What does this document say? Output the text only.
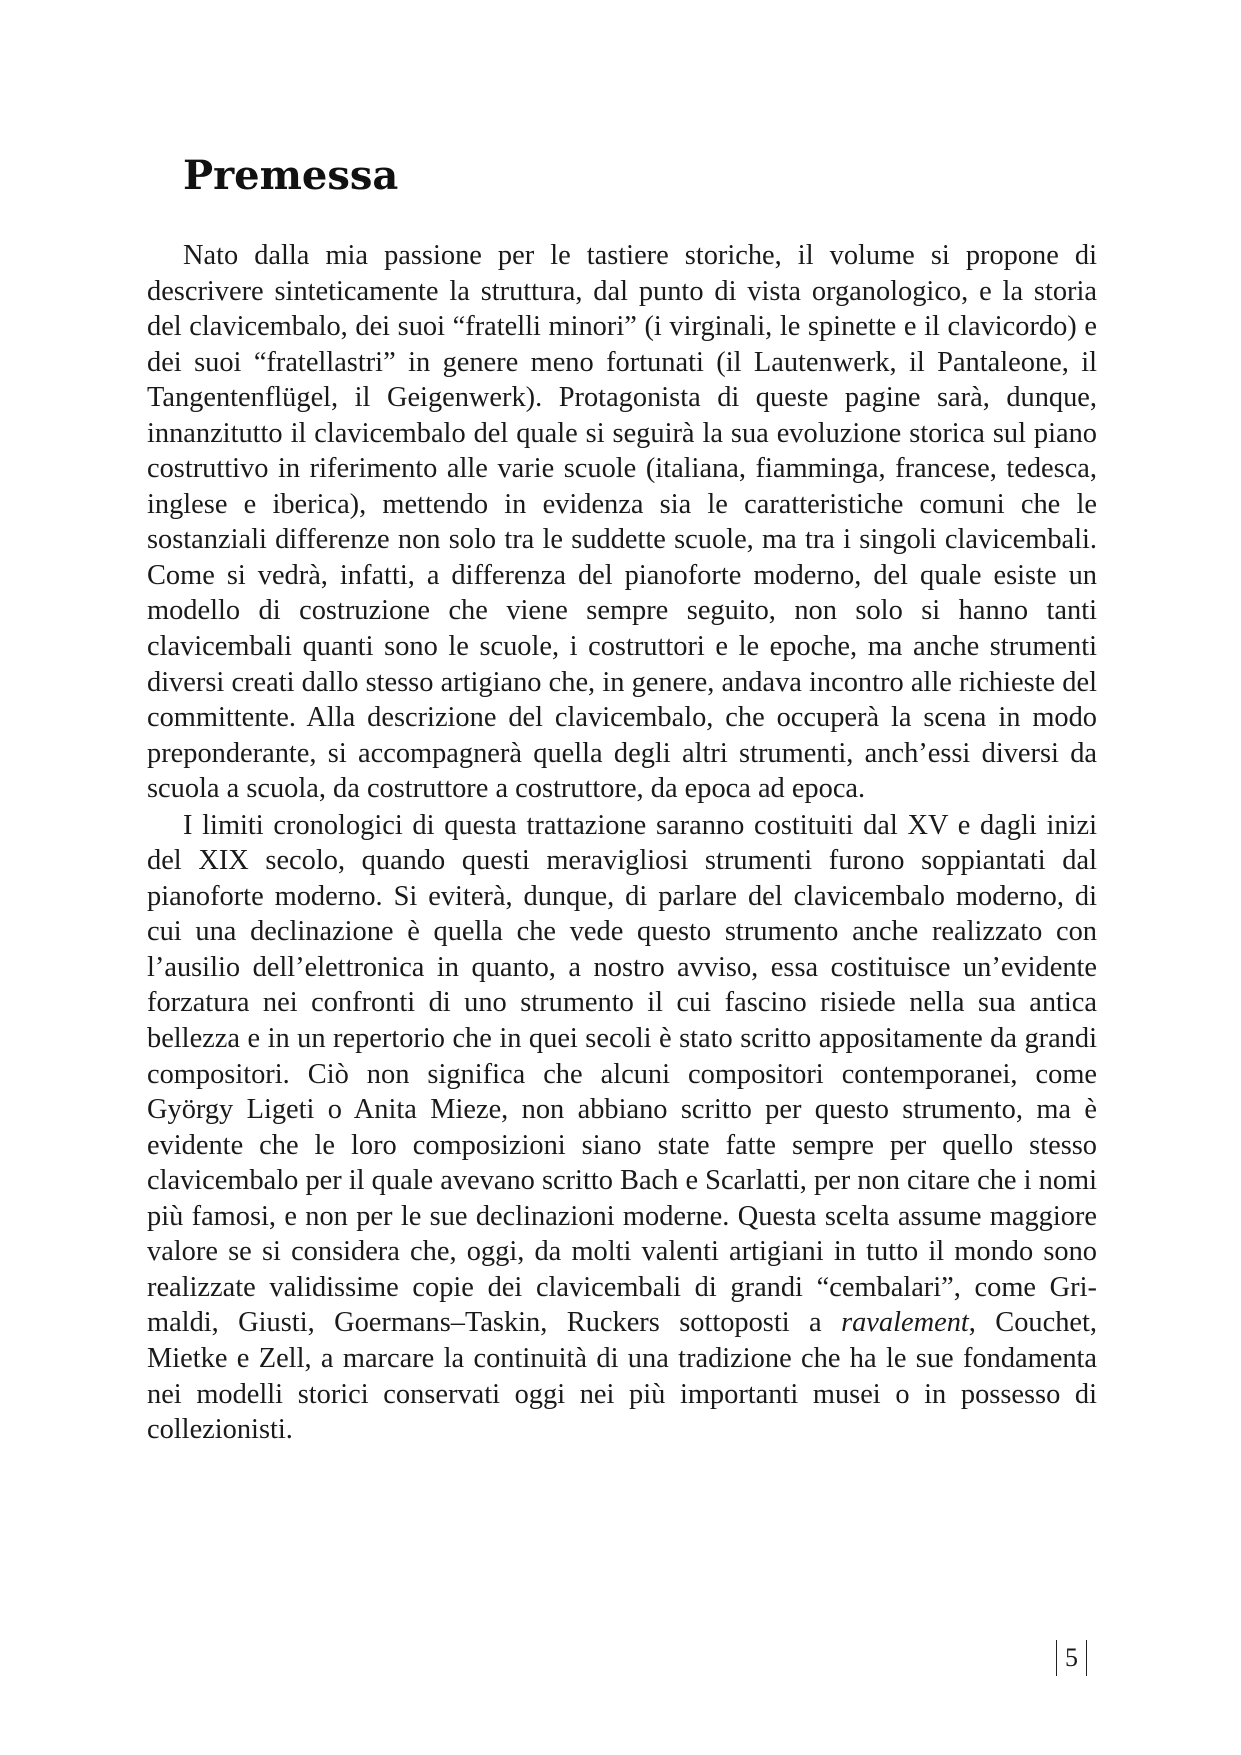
Premessa

Nato dalla mia passione per le tastiere storiche, il volume si propone di descrivere sinteticamente la struttura, dal punto di vista organologico, e la storia del clavicembalo, dei suoi “fratelli minori” (i virginali, le spinette e il clavicordo) e dei suoi “fratellastri” in genere meno fortunati (il Lautenwerk, il Pantaleone, il Tangentenflügel, il Geigenwerk). Protagonista di queste pagine sarà, dunque, innanzitutto il clavicembalo del quale si seguirà la sua evoluzione storica sul piano costruttivo in riferimento alle varie scuole (italiana, fiamminga, francese, tedesca, inglese e iberica), mettendo in evidenza sia le caratteristiche comuni che le sostanziali differenze non solo tra le suddette scuole, ma tra i singoli clavicembali. Come si vedrà, infatti, a differenza del pianoforte moderno, del quale esiste un modello di costruzione che viene sempre seguito, non solo si hanno tanti clavicembali quanti sono le scuole, i costruttori e le epoche, ma anche strumenti diversi creati dallo stesso artigiano che, in genere, andava incontro alle richieste del committente. Alla descrizione del clavicembalo, che occuperà la scena in modo preponderante, si accompagnerà quella degli altri strumenti, anch’essi diversi da scuola a scuola, da costruttore a costruttore, da epoca ad epoca.

I limiti cronologici di questa trattazione saranno costituiti dal XV e dagli inizi del XIX secolo, quando questi meravigliosi strumenti furono soppiantati dal pianoforte moderno. Si eviterà, dunque, di parlare del clavicembalo moderno, di cui una declinazione è quella che vede questo strumento anche realizzato con l’ausilio dell’elettronica in quanto, a nostro avviso, essa costituisce un’evidente forzatura nei confronti di uno strumento il cui fascino risiede nella sua antica bellezza e in un repertorio che in quei secoli è stato scritto appositamente da grandi compositori. Ciò non significa che alcuni compositori contemporanei, come György Ligeti o Anita Mieze, non abbiano scritto per questo strumento, ma è evidente che le loro composizioni siano state fatte sempre per quello stesso clavicembalo per il quale avevano scritto Bach e Scarlatti, per non citare che i nomi più famosi, e non per le sue declinazioni moderne. Questa scelta assume maggiore valore se si considera che, oggi, da molti valenti artigiani in tutto il mondo sono realizzate validissime copie dei clavicembali di grandi “cembalari”, come Grimaldi, Giusti, Goermans–Taskin, Ruckers sottoposti a ravalement, Couchet, Mietke e Zell, a marcare la continuità di una tradizione che ha le sue fondamenta nei modelli storici conservati oggi nei più importanti musei o in possesso di collezionisti.

5
